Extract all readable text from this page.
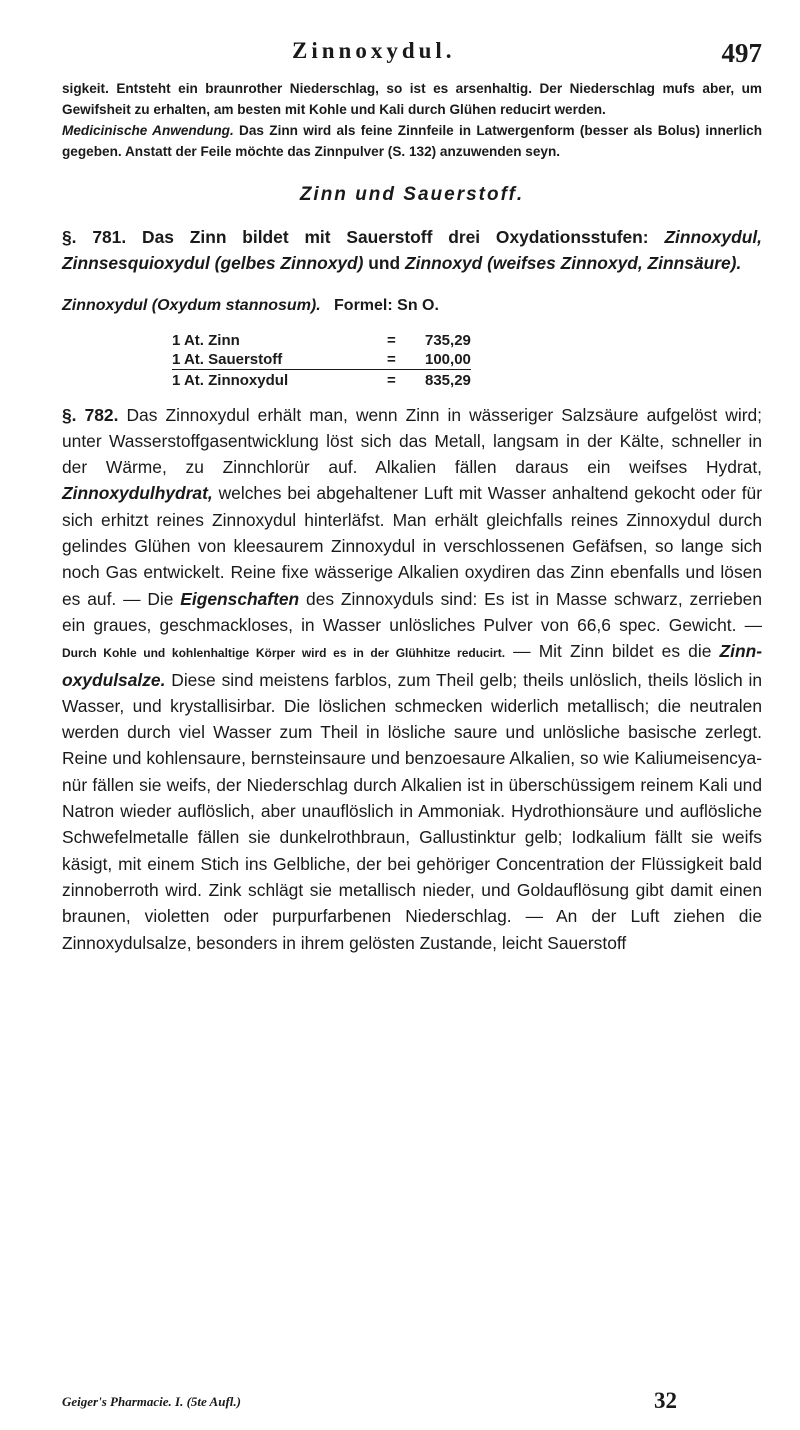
Zinnoxydul.	497

sigkeit. Entsteht ein braunrother Niederschlag, so ist es arsenhaltig. Der Niederschlag mufs aber, um Gewifsheit zu erhalten, am besten mit Kohle und Kali durch Glühen reducirt werden.

Medicinische Anwendung. Das Zinn wird als feine Zinnfeile in Latwergenform (besser als Bolus) innerlich gegeben. Anstatt der Feile möchte das Zinnpulver (S. 132) anzuwenden seyn.

Zinn und Sauerstoff.

§. 781. Das Zinn bildet mit Sauerstoff drei Oxydationsstufen: Zinnoxydul, Zinnsesquioxydul (gelbes Zinnoxyd) und Zinnoxyd (weifses Zinnoxyd, Zinnsäure).

Zinnoxydul (Oxydum stannosum). Formel: Sn O.
1 At. Zinn	=	735,29
1 At. Sauerstoff	=	100,00
1 At. Zinnoxydul	=	835,29

§. 782. Das Zinnoxydul erhält man, wenn Zinn in wässeriger Salzsäure aufgelöst wird; unter Wasserstoffgasentwicklung löst sich das Metall, langsam in der Kälte, schneller in der Wärme, zu Zinnchlorür auf. Alkalien fällen daraus ein weifses Hydrat, Zinnoxydulhydrat, welches bei abgehaltener Luft mit Wasser anhaltend gekocht oder für sich erhitzt reines Zinnoxydul hinterläfst. Man erhält gleichfalls reines Zinnoxydul durch gelindes Glühen von kleesaurem Zinnoxydul in verschlossenen Gefäfsen, so lange sich noch Gas entwickelt. Reine fixe wässerige Alkalien oxydiren das Zinn ebenfalls und lösen es auf. — Die Eigenschaften des Zinnoxyduls sind: Es ist in Masse schwarz, zerrieben ein graues, geschmackloses, in Wasser unlösliches Pulver von 66,6 spec. Gewicht. — Durch Kohle und kohlenhaltige Körper wird es in der Glühhitze reducirt. — Mit Zinn bildet es die Zinnoxydulsalze. Diese sind meistens farblos, zum Theil gelb; theils unlöslich, theils löslich in Wasser, und krystallisirbar. Die löslichen schmecken widerlich metallisch; die neutralen werden durch viel Wasser zum Theil in lösliche saure und unlösliche basische zerlegt. Reine und kohlensaure, bernsteinsaure und benzoesaure Alkalien, so wie Kaliumeisencyanür fällen sie weifs, der Niederschlag durch Alkalien ist in überschüssigem reinem Kali und Natron wieder auflöslich, aber unauflöslich in Ammoniak. Hydrothionsäure und auflösliche Schwefelmetalle fällen sie dunkelrothbraun, Gallustinktur gelb; Iodkalium fällt sie weifs käsigt, mit einem Stich ins Gelbliche, der bei gehöriger Concentration der Flüssigkeit bald zinnoberroth wird. Zink schlägt sie metallisch nieder, und Goldauflösung gibt damit einen braunen, violetten oder purpurfarbenen Niederschlag. — An der Luft ziehen die Zinnoxydulsalze, besonders in ihrem gelösten Zustande, leicht Sauerstoff

Geiger's Pharmacie. I. (5te Aufl.)	32
